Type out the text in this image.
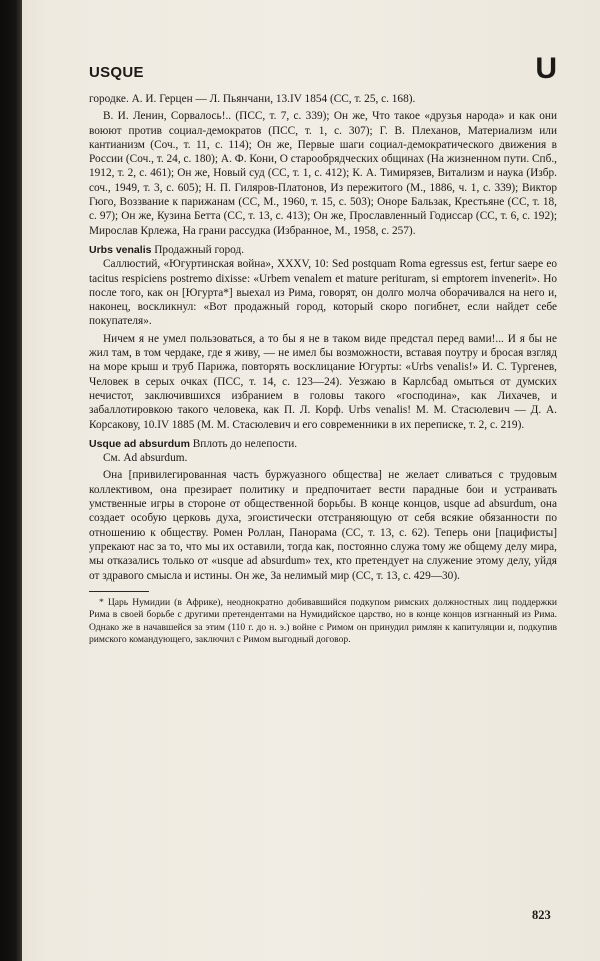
USQUE	U

городке. А. И. Герцен — Л. Пьянчани, 13.IV 1854 (СС, т. 25, с. 168).

В. И. Ленин, Сорвалось!.. (ПСС, т. 7, с. 339); Он же, Что такое «друзья народа» и как они воюют против социал-демократов (ПСС, т. 1, с. 307); Г. В. Плеханов, Материализм или кантианизм (Соч., т. 11, с. 114); Он же, Первые шаги социал-демократического движения в России (Соч., т. 24, с. 180); А. Ф. Кони, О старообрядческих общинах (На жизненном пути. Спб., 1912, т. 2, с. 461); Он же, Новый суд (СС, т. 1, с. 412); К. А. Тимирязев, Витализм и наука (Избр. соч., 1949, т. 3, с. 605); Н. П. Гиляров-Платонов, Из пережитого (М., 1886, ч. 1, с. 339); Виктор Гюго, Воззвание к парижанам (СС, М., 1960, т. 15, с. 503); Оноре Бальзак, Крестьяне (СС, т. 18, с. 97); Он же, Кузина Бетта (СС, т. 13, с. 413); Он же, Прославленный Годиссар (СС, т. 6, с. 192); Мирослав Крлежа, На грани рассудка (Избранное, М., 1958, с. 257).

Urbs venalis Продажный город.

Саллюстий, «Югуртинская война», XXXV, 10: Sed postquam Roma egressus est, fertur saepe eo tacitus respiciens postremo dixisse: «Urbem venalem et mature perituram, si emptorem invenerit». Но после того, как он [Югурта*] выехал из Рима, говорят, он долго молча оборачивался на него и, наконец, воскликнул: «Вот продажный город, который скоро погибнет, если найдет себе покупателя».

Ничем я не умел пользоваться, а то бы я не в таком виде предстал перед вами!... И я бы не жил там, в том чердаке, где я живу, — не имел бы возможности, вставая поутру и бросая взгляд на море крыш и труб Парижа, повторять восклицание Югурты: «Urbs venalis!» И. С. Тургенев, Человек в серых очках (ПСС, т. 14, с. 123—24). Уезжаю в Карлсбад омыться от думских нечистот, заключившихся избранием в головы такого «господина», как Лихачев, и забаллотировкою такого человека, как П. Л. Корф. Urbs venalis! М. М. Стасюлевич — Д. А. Корсакову, 10.IV 1885 (М. М. Стасюлевич и его современники в их переписке, т. 2, с. 219).

Usque ad absurdum Вплоть до нелепости.

См. Ad absurdum.

Она [привилегированная часть буржуазного общества] не желает сливаться с трудовым коллективом, она презирает политику и предпочитает вести парадные бои и устраивать умственные игры в стороне от общественной борьбы. В конце концов, usque ad absurdum, она создает особую церковь духа, эгоистически отстраняющую от себя всякие обязанности по отношению к обществу. Ромен Роллан, Панорама (СС, т. 13, с. 62). Теперь они [пацифисты] упрекают нас за то, что мы их оставили, тогда как, постоянно служа тому же общему делу мира, мы отказались только от «usque ad absurdum» тех, кто претендует на служение этому делу, уйдя от здравого смысла и истины. Он же, За нелимый мир (СС, т. 13, с. 429—30).

* Царь Нумидии (в Африке), неоднократно добивавшийся подкупом римских должностных лиц поддержки Рима в своей борьбе с другими претендентами на Нумидийское царство, но в конце концов изгнанный из Рима. Однако же в начавшейся за этим (110 г. до н. э.) войне с Римом он принудил римлян к капитуляции и, подкупив римского командующего, заключил с Римом выгодный договор.

823
